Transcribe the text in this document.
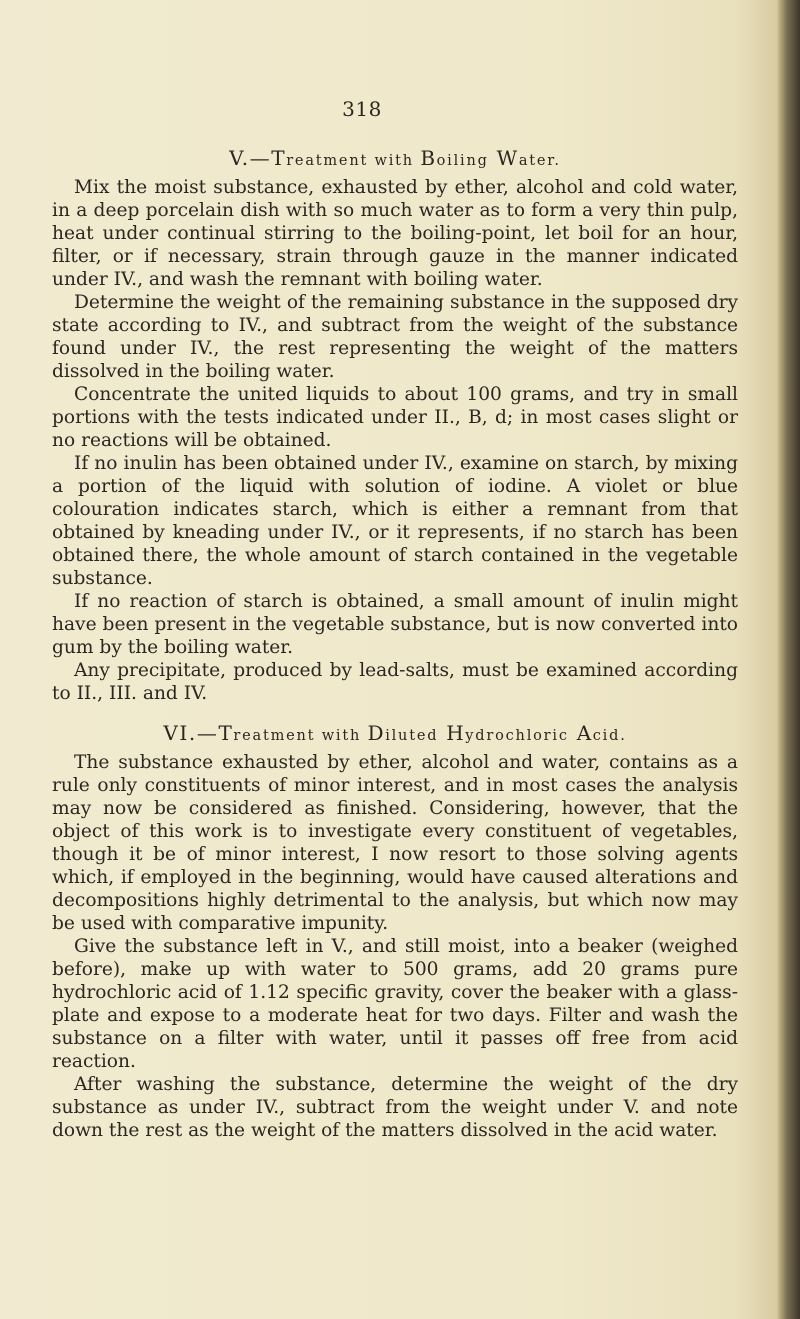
318
V.—Treatment with Boiling Water.

Mix the moist substance, exhausted by ether, alcohol and cold water, in a deep porcelain dish with so much water as to form a very thin pulp, heat under continual stirring to the boiling-point, let boil for an hour, filter, or if necessary, strain through gauze in the manner indicated under IV., and wash the remnant with boiling water.

Determine the weight of the remaining substance in the supposed dry state according to IV., and subtract from the weight of the substance found under IV., the rest representing the weight of the matters dissolved in the boiling water.

Concentrate the united liquids to about 100 grams, and try in small portions with the tests indicated under II., B, d; in most cases slight or no reactions will be obtained.

If no inulin has been obtained under IV., examine on starch, by mixing a portion of the liquid with solution of iodine. A violet or blue colouration indicates starch, which is either a remnant from that obtained by kneading under IV., or it represents, if no starch has been obtained there, the whole amount of starch contained in the vegetable substance.

If no reaction of starch is obtained, a small amount of inulin might have been present in the vegetable substance, but is now converted into gum by the boiling water.

Any precipitate, produced by lead-salts, must be examined according to II., III. and IV.

VI.—Treatment with Diluted Hydrochloric Acid.

The substance exhausted by ether, alcohol and water, contains as a rule only constituents of minor interest, and in most cases the analysis may now be considered as finished. Considering, however, that the object of this work is to investigate every constituent of vegetables, though it be of minor interest, I now resort to those solving agents which, if employed in the beginning, would have caused alterations and decompositions highly detrimental to the analysis, but which now may be used with comparative impunity.

Give the substance left in V., and still moist, into a beaker (weighed before), make up with water to 500 grams, add 20 grams pure hydrochloric acid of 1.12 specific gravity, cover the beaker with a glass-plate and expose to a moderate heat for two days. Filter and wash the substance on a filter with water, until it passes off free from acid reaction.

After washing the substance, determine the weight of the dry substance as under IV., subtract from the weight under V. and note down the rest as the weight of the matters dissolved in the acid water.
